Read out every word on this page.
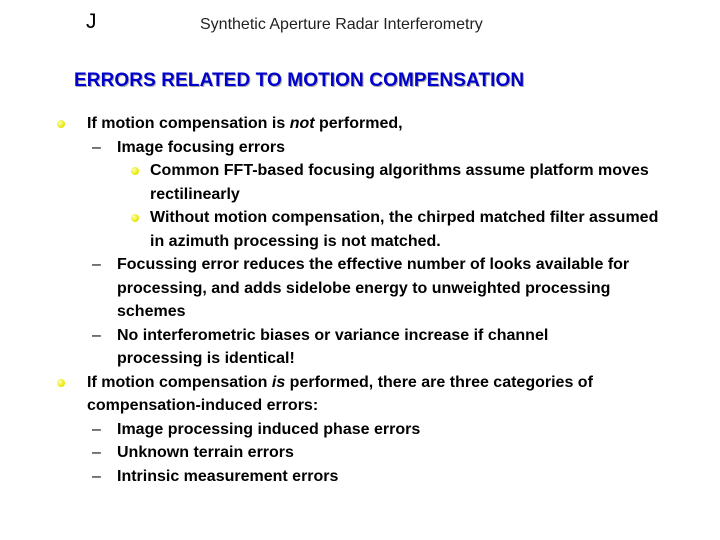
J	Synthetic Aperture Radar Interferometry
ERRORS RELATED TO MOTION COMPENSATION
If motion compensation is not performed,
– Image focusing errors
Common FFT-based focusing algorithms assume platform moves rectilinearly
Without motion compensation, the chirped matched filter assumed in azimuth processing is not matched.
– Focussing error reduces the effective number of looks available for processing, and adds sidelobe energy to unweighted processing schemes
– No interferometric biases or variance increase if channel processing is identical!
If motion compensation is performed, there are three categories of compensation-induced errors:
– Image processing induced phase errors
– Unknown terrain errors
– Intrinsic measurement errors
